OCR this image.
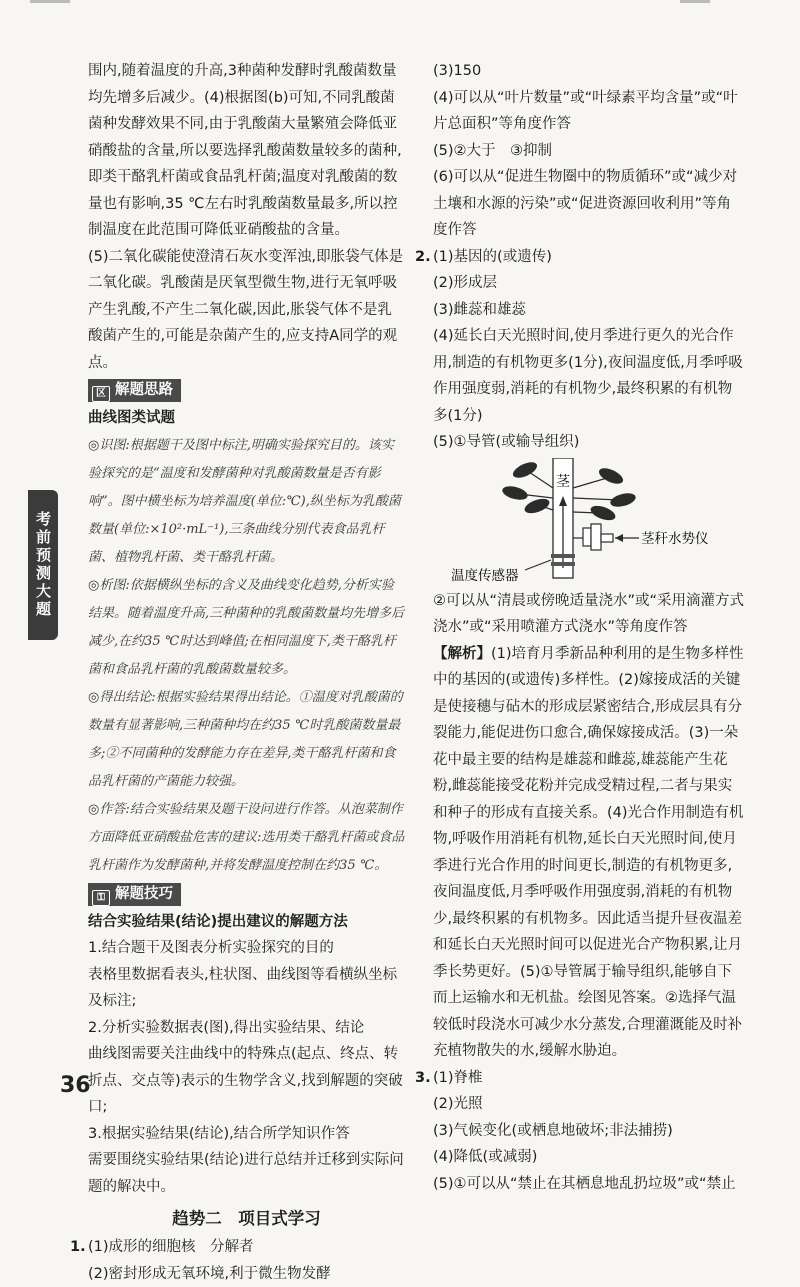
考前预测大题

围内,随着温度的升高,3种菌种发酵时乳酸菌数量均先增多后减少。(4)根据图(b)可知,不同乳酸菌菌种发酵效果不同,由于乳酸菌大量繁殖会降低亚硝酸盐的含量,所以要选择乳酸菌数量较多的菌种,即类干酪乳杆菌或食品乳杆菌;温度对乳酸菌的数量也有影响,35 ℃左右时乳酸菌数量最多,所以控制温度在此范围可降低亚硝酸盐的含量。

(5)二氧化碳能使澄清石灰水变浑浊,即胀袋气体是二氧化碳。乳酸菌是厌氧型微生物,进行无氧呼吸产生乳酸,不产生二氧化碳,因此,胀袋气体不是乳酸菌产生的,可能是杂菌产生的,应支持A同学的观点。

区 解题思路

曲线图类试题

◎识图:根据题干及图中标注,明确实验探究目的。该实验探究的是“温度和发酵菌种对乳酸菌数量是否有影响”。图中横坐标为培养温度(单位:℃),纵坐标为乳酸菌数量(单位:×10²·mL⁻¹),三条曲线分别代表食品乳杆菌、植物乳杆菌、类干酪乳杆菌。

◎析图:依据横纵坐标的含义及曲线变化趋势,分析实验结果。随着温度升高,三种菌种的乳酸菌数量均先增多后减少,在约35 ℃时达到峰值;在相同温度下,类干酪乳杆菌和食品乳杆菌的乳酸菌数量较多。

◎得出结论:根据实验结果得出结论。①温度对乳酸菌的数量有显著影响,三种菌种均在约35 ℃时乳酸菌数量最多;②不同菌种的发酵能力存在差异,类干酪乳杆菌和食品乳杆菌的产菌能力较强。

◎作答:结合实验结果及题干设问进行作答。从泡菜制作方面降低亚硝酸盐危害的建议:选用类干酪乳杆菌或食品乳杆菌作为发酵菌种,并将发酵温度控制在约35 ℃。

⚿ 解题技巧

结合实验结果(结论)提出建议的解题方法

1.结合题干及图表分析实验探究的目的

表格里数据看表头,柱状图、曲线图等看横纵坐标及标注;

2.分析实验数据表(图),得出实验结果、结论

曲线图需要关注曲线中的特殊点(起点、终点、转折点、交点等)表示的生物学含义,找到解题的突破口;

3.根据实验结果(结论),结合所学知识作答

需要围绕实验结果(结论)进行总结并迁移到实际问题的解决中。

趋势二　项目式学习

1. (1)成形的细胞核　分解者

(2)密封形成无氧环境,利于微生物发酵

(3)150

(4)可以从“叶片数量”或“叶绿素平均含量”或“叶片总面积”等角度作答

(5)②大于　③抑制

(6)可以从“促进生物圈中的物质循环”或“减少对土壤和水源的污染”或“促进资源回收利用”等角度作答

2. (1)基因的(或遗传)

(2)形成层

(3)雌蕊和雄蕊

(4)延长白天光照时间,使月季进行更久的光合作用,制造的有机物更多(1分),夜间温度低,月季呼吸作用强度弱,消耗的有机物少,最终积累的有机物多(1分)

(5)①导管(或输导组织)

茎
茎秆水势仪
温度传感器

②可以从“清晨或傍晚适量浇水”或“采用滴灌方式浇水”或“采用喷灌方式浇水”等角度作答

【解析】(1)培育月季新品种利用的是生物多样性中的基因的(或遗传)多样性。(2)嫁接成活的关键是使接穗与砧木的形成层紧密结合,形成层具有分裂能力,能促进伤口愈合,确保嫁接成活。(3)一朵花中最主要的结构是雄蕊和雌蕊,雄蕊能产生花粉,雌蕊能接受花粉并完成受精过程,二者与果实和种子的形成有直接关系。(4)光合作用制造有机物,呼吸作用消耗有机物,延长白天光照时间,使月季进行光合作用的时间更长,制造的有机物更多,夜间温度低,月季呼吸作用强度弱,消耗的有机物少,最终积累的有机物多。因此适当提升昼夜温差和延长白天光照时间可以促进光合产物积累,让月季长势更好。(5)①导管属于输导组织,能够自下而上运输水和无机盐。绘图见答案。②选择气温较低时段浇水可减少水分蒸发,合理灌溉能及时补充植物散失的水,缓解水胁迫。

3. (1)脊椎

(2)光照

(3)气候变化(或栖息地破坏;非法捕捞)

(4)降低(或减弱)

(5)①可以从“禁止在其栖息地乱扔垃圾”或“禁止

36
